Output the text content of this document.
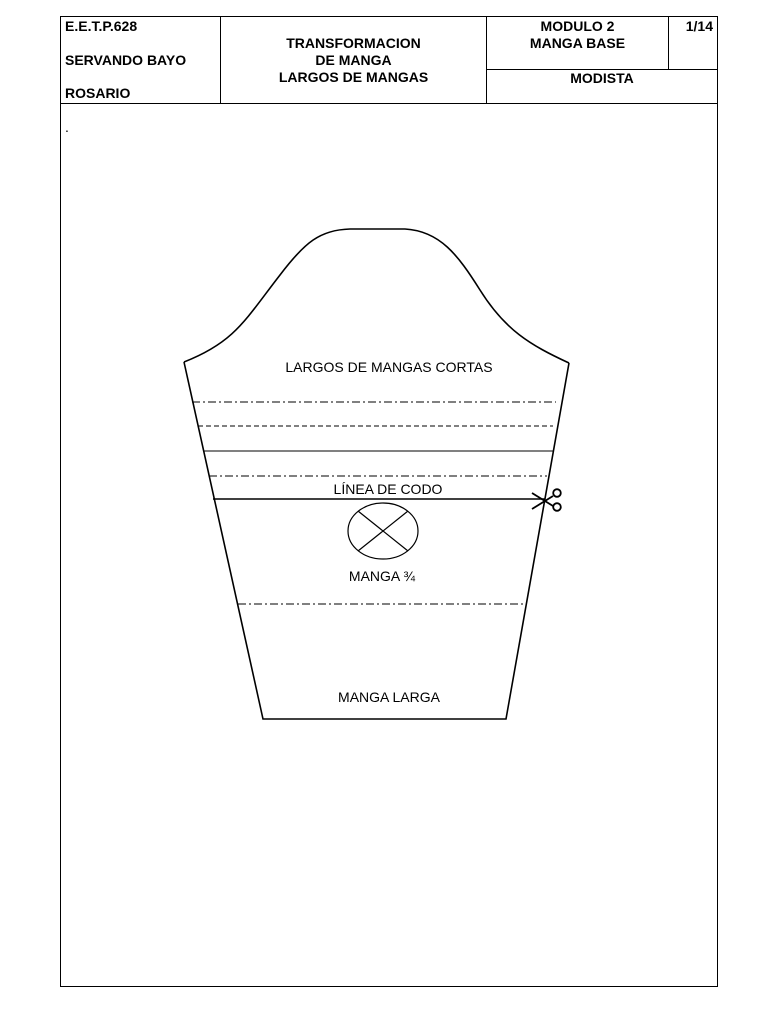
E.E.T.P.628
SERVANDO BAYO
ROSARIO
TRANSFORMACION
DE MANGA
LARGOS DE MANGAS
MODULO 2
MANGA BASE
1/14
MODISTA
.
LARGOS DE MANGAS CORTAS
LÍNEA DE CODO
MANGA ¾
MANGA LARGA
